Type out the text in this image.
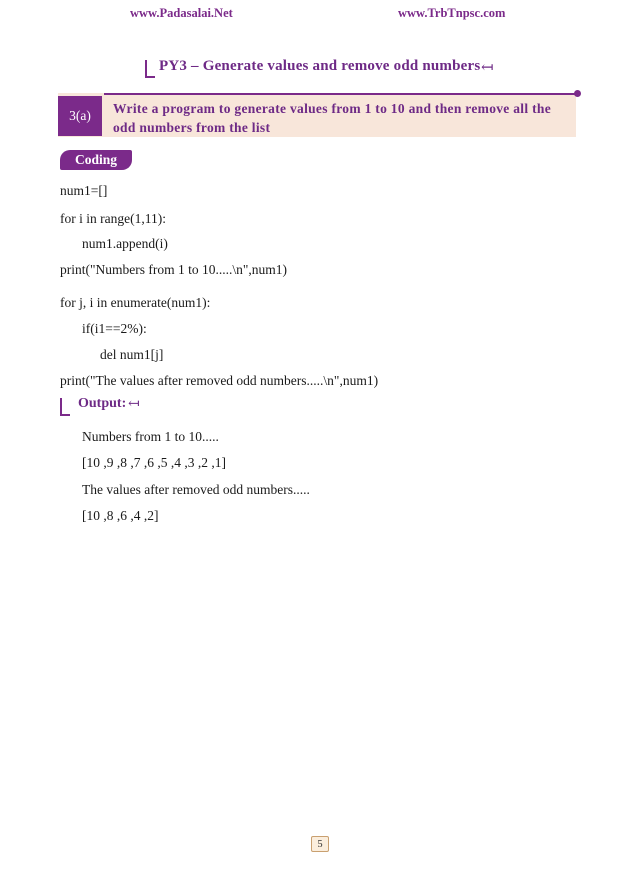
www.Padasalai.Net	www.TrbTnpsc.com
PY3 – Generate values and remove odd numbers ↤
3(a)	Write a program to generate values from 1 to 10 and then remove all the odd numbers from the list
Coding
num1=[]
for i in range(1,11):
num1.append(i)
print("Numbers from 1 to 10.....\n",num1)
for j, i in enumerate(num1):
if(i1==2%):
del num1[j]
print("The values after removed odd numbers.....\n",num1)
Output: ↤
Numbers from 1 to 10.....
[10 ,9 ,8 ,7 ,6 ,5 ,4 ,3 ,2 ,1]
The values after removed odd numbers.....
[10 ,8 ,6 ,4 ,2]
5
